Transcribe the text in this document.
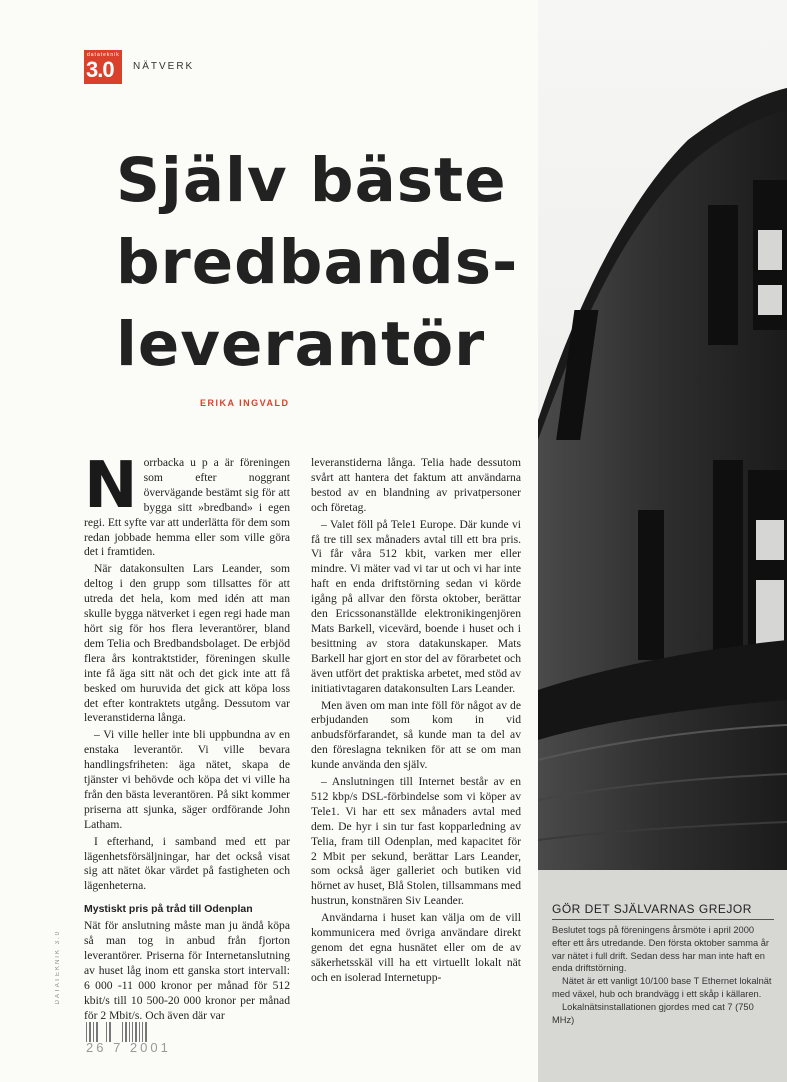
datateknik
3.0 NÄTVERK
Själv bäste
bredbands-
leverantör
ERIKA INGVALD

Norrbacka u p a är föreningen som efter noggrant övervägande bestämt sig för att bygga sitt »bredband» i egen regi. Ett syfte var att underlätta för dem som redan jobbade hemma eller som ville göra det i framtiden.

När datakonsulten Lars Leander, som deltog i den grupp som tillsattes för att utreda det hela, kom med idén att man skulle bygga nätverket i egen regi hade man hört sig för hos flera leverantörer, bland dem Telia och Bredbandsbolaget. De erbjöd flera års kontraktstider, föreningen skulle inte få äga sitt nät och det gick inte att få besked om huruvida det gick att köpa loss det efter kontraktets utgång. Dessutom var leveranstiderna långa.

– Vi ville heller inte bli uppbundna av en enstaka leverantör. Vi ville bevara handlingsfriheten: äga nätet, skapa de tjänster vi behövde och köpa det vi ville ha från den bästa leverantören. På sikt kommer priserna att sjunka, säger ordförande John Latham.

I efterhand, i samband med ett par lägenhetsförsäljningar, har det också visat sig att nätet ökar värdet på fastigheten och lägenheterna.

Mystiskt pris på tråd till Odenplan

Nät för anslutning måste man ju ändå köpa så man tog in anbud från fjorton leverantörer. Priserna för Internetanslutning av huset låg inom ett ganska stort intervall: 6 000 -11 000 kronor per månad för 512 kbit/s till 10 500-20 000 kronor per månad för 2 Mbit/s. Och även där var

leveranstiderna långa. Telia hade dessutom svårt att hantera det faktum att användarna bestod av en blandning av privatpersoner och företag.

– Valet föll på Tele1 Europe. Där kunde vi få tre till sex månaders avtal till ett bra pris. Vi får våra 512 kbit, varken mer eller mindre. Vi mäter vad vi tar ut och vi har inte haft en enda driftstörning sedan vi körde igång på allvar den första oktober, berättar den Ericssonanställde elektronikingenjören Mats Barkell, vicevärd, boende i huset och i besittning av stora datakunskaper. Mats Barkell har gjort en stor del av förarbetet och även utfört det praktiska arbetet, med stöd av initiativtagaren datakonsulten Lars Leander.

Men även om man inte föll för något av de erbjudanden som kom in vid anbudsförfarandet, så kunde man ta del av den föreslagna tekniken för att se om man kunde använda den själv.

– Anslutningen till Internet består av en 512 kbp/s DSL-förbindelse som vi köper av Tele1. Vi har ett sex månaders avtal med dem. De hyr i sin tur fast kopparledning av Telia, fram till Odenplan, med kapacitet för 2 Mbit per sekund, berättar Lars Leander, som också äger galleriet och butiken vid hörnet av huset, Blå Stolen, tillsammans med hustrun, konstnären Siv Leander.

Användarna i huset kan välja om de vill kommunicera med övriga användare direkt genom det egna husnätet eller om de av säkerhetsskäl vill ha ett virtuellt lokalt nät och en isolerad Internetupp-

GÖR DET SJÄLVARNAS GREJOR

Beslutet togs på föreningens årsmöte i april 2000 efter ett års utredande. Den första oktober samma år var nätet i full drift. Sedan dess har man inte haft en enda driftstörning.

Nätet är ett vanligt 10/100 base T Ethernet lokalnät med växel, hub och brandvägg i ett skåp i källaren.

Lokalnätsinstallationen gjordes med cat 7 (750 MHz)

DATATEKNIK 3.0
26 7 2001
